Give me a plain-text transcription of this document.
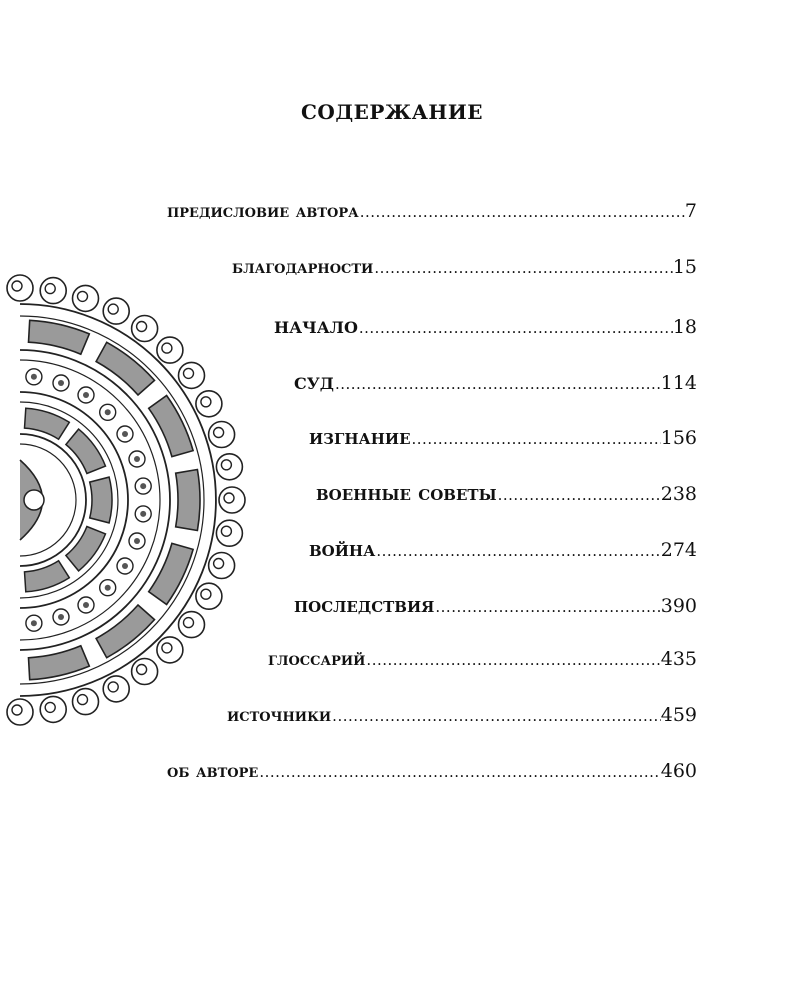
содержание
предисловие автора .....	7
благодарности .....	15
начало .....	18
суд .....	114
изгнание .....	156
военные советы .....	238
война .....	274
последствия .....	390
глоссарий .....	435
источники .....	459
об авторе .....	460
